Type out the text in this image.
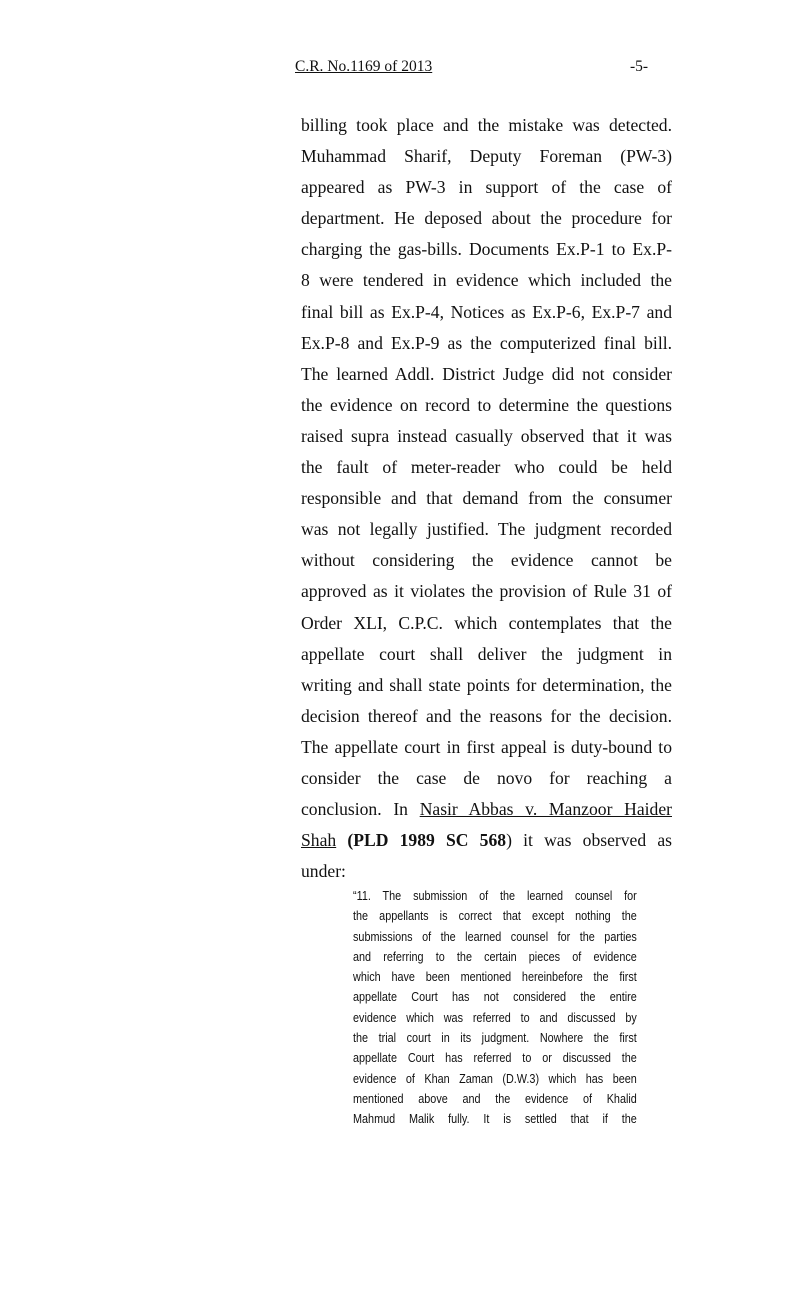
C.R. No.1169 of 2013	-5-
billing took place and the mistake was detected.
Muhammad Sharif, Deputy Foreman (PW-3)
appeared as PW-3 in support of the case of
department. He deposed about the procedure for
charging the gas-bills. Documents Ex.P-1 to Ex.P-
8 were tendered in evidence which included the
final bill as Ex.P-4, Notices as Ex.P-6, Ex.P-7 and
Ex.P-8 and Ex.P-9 as the computerized final bill.
The learned Addl. District Judge did not consider
the evidence on record to determine the questions
raised supra instead casually observed that it was
the fault of meter-reader who could be held
responsible and that demand from the consumer
was not legally justified. The judgment recorded
without considering the evidence cannot be
approved as it violates the provision of Rule 31 of
Order XLI, C.P.C. which contemplates that the
appellate court shall deliver the judgment in
writing and shall state points for determination, the
decision thereof and the reasons for the decision.
The appellate court in first appeal is duty-bound to
consider the case de novo for reaching a
conclusion. In Nasir Abbas v. Manzoor Haider
Shah (PLD 1989 SC 568) it was observed as
under:
“11. The submission of the learned counsel for
the appellants is correct that except nothing the
submissions of the learned counsel for the parties
and referring to the certain pieces of evidence
which have been mentioned hereinbefore the first
appellate Court has not considered the entire
evidence which was referred to and discussed by
the trial court in its judgment. Nowhere the first
appellate Court has referred to or discussed the
evidence of Khan Zaman (D.W.3) which has been
mentioned above and the evidence of Khalid
Mahmud Malik fully. It is settled that if the
